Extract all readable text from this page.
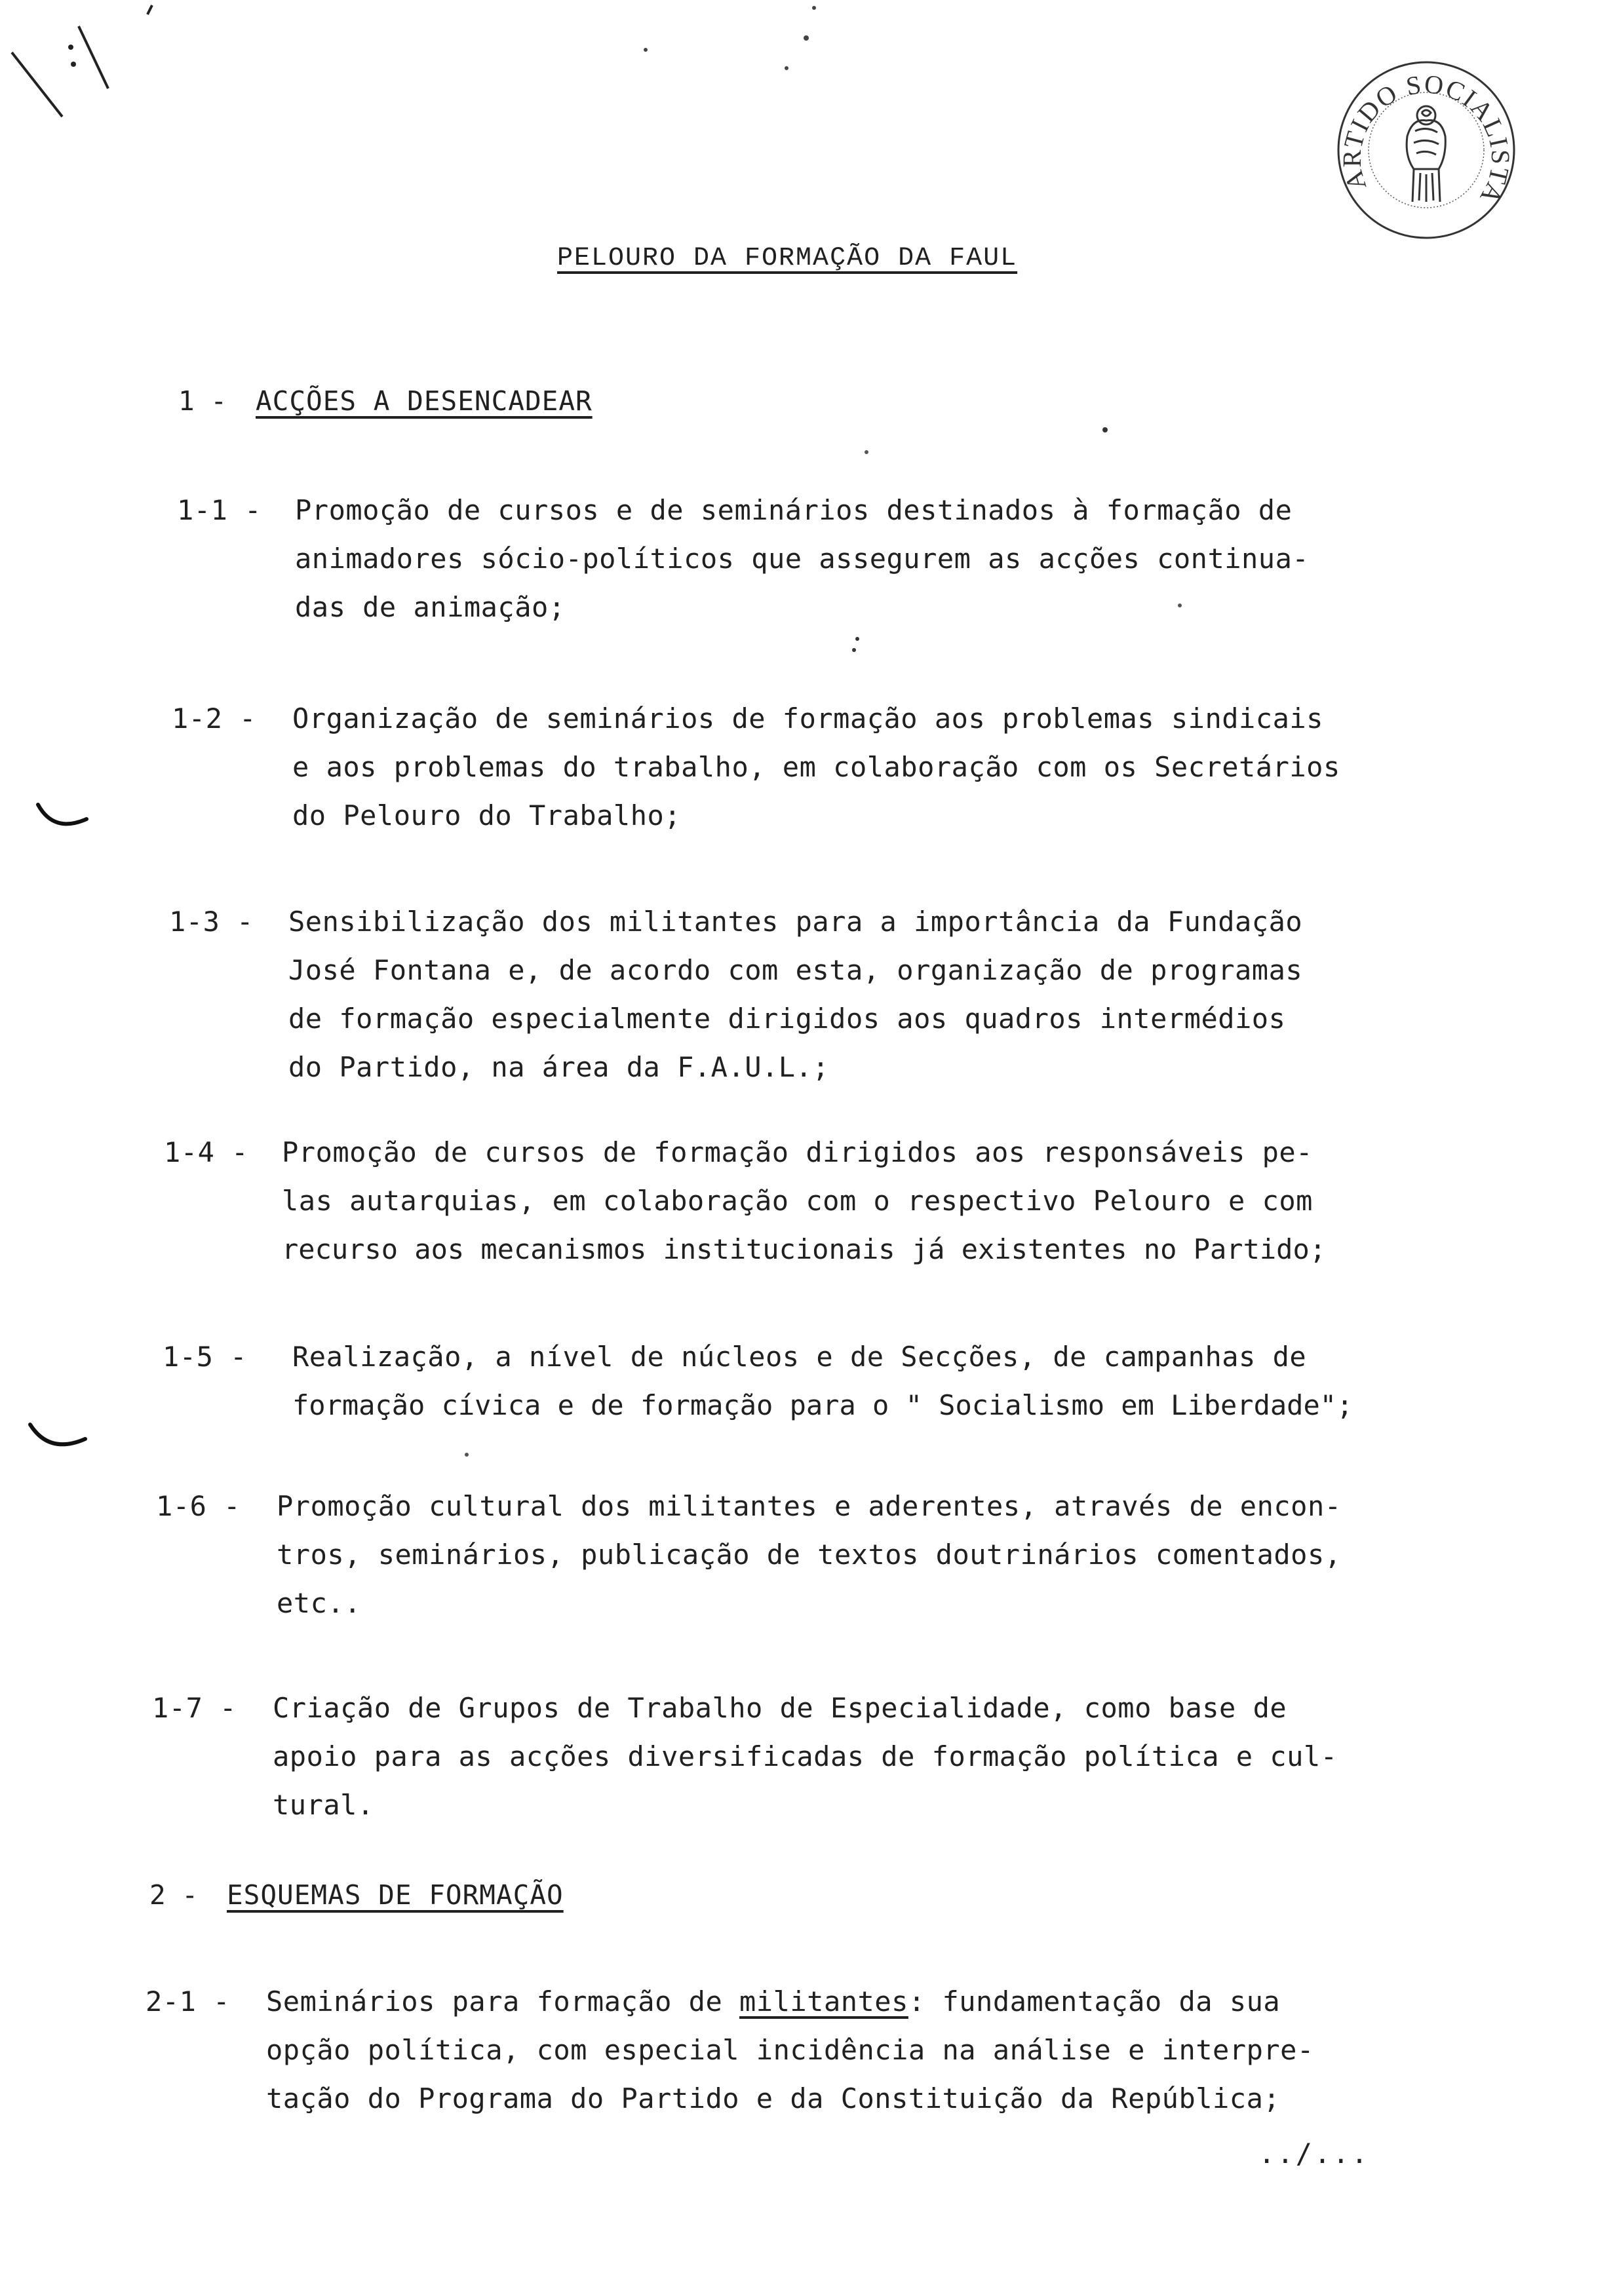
ARTIDO SOCIALISTA
PELOURO DA FORMAÇÃO DA FAUL
1 - ACÇÕES A DESENCADEAR
1-1 - Promoção de cursos e de seminários destinados à formação de
animadores sócio-políticos que assegurem as acções continua-
das de animação;
1-2 - Organização de seminários de formação aos problemas sindicais
e aos problemas do trabalho, em colaboração com os Secretários
do Pelouro do Trabalho;
1-3 - Sensibilização dos militantes para a importância da Fundação
José Fontana e, de acordo com esta, organização de programas
de formação especialmente dirigidos aos quadros intermédios
do Partido, na área da F.A.U.L.;
1-4 - Promoção de cursos de formação dirigidos aos responsáveis pe-
las autarquias, em colaboração com o respectivo Pelouro e com
recurso aos mecanismos institucionais já existentes no Partido;
1-5 - Realização, a nível de núcleos e de Secções, de campanhas de
formação cívica e de formação para o " Socialismo em Liberdade";
1-6 - Promoção cultural dos militantes e aderentes, através de encon-
tros, seminários, publicação de textos doutrinários comentados,
etc..
1-7 - Criação de Grupos de Trabalho de Especialidade, como base de
apoio para as acções diversificadas de formação política e cul-
tural.
2 - ESQUEMAS DE FORMAÇÃO
2-1 - Seminários para formação de militantes: fundamentação da sua
opção política, com especial incidência na análise e interpre-
tação do Programa do Partido e da Constituição da República;
../...
